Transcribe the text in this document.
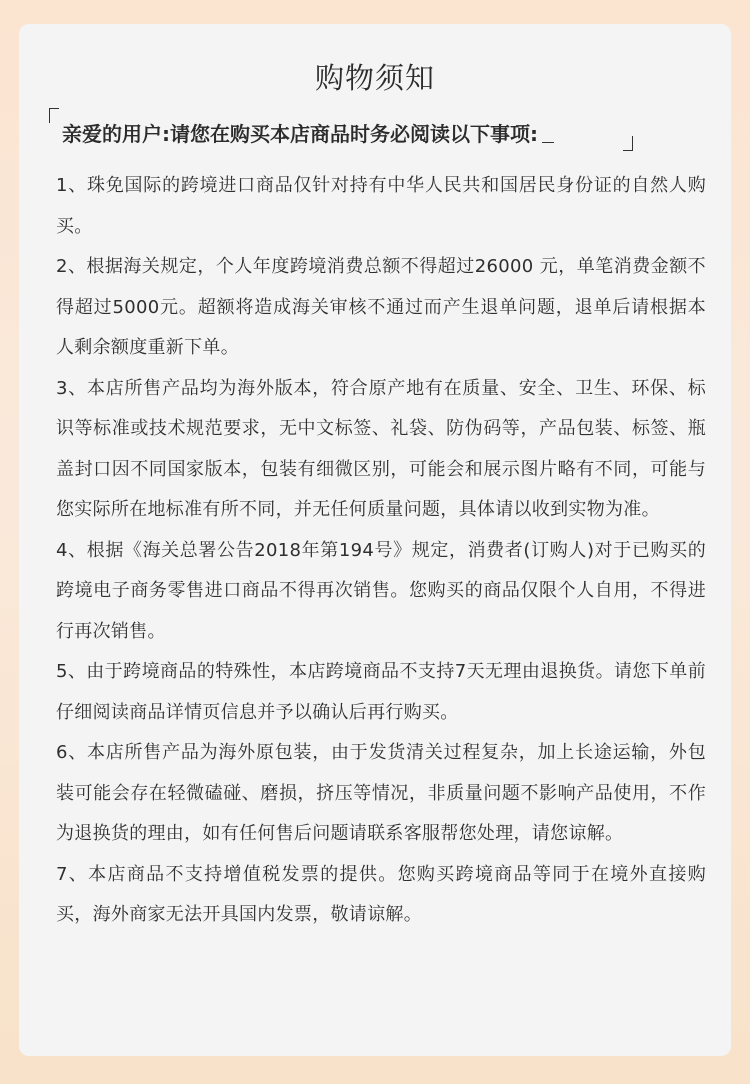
购物须知
亲爱的用户:请您在购买本店商品时务必阅读以下事项:

1、珠免国际的跨境进口商品仅针对持有中华人民共和国居民身份证的自然人购买。

2、根据海关规定，个人年度跨境消费总额不得超过26000 元，单笔消费金额不得超过5000元。超额将造成海关审核不通过而产生退单问题，退单后请根据本人剩余额度重新下单。

3、本店所售产品均为海外版本，符合原产地有在质量、安全、卫生、环保、标识等标准或技术规范要求，无中文标签、礼袋、防伪码等，产品包装、标签、瓶盖封口因不同国家版本，包装有细微区别，可能会和展示图片略有不同，可能与您实际所在地标准有所不同，并无任何质量问题，具体请以收到实物为准。

4、根据《海关总署公告2018年第194号》规定，消费者(订购人)对于已购买的跨境电子商务零售进口商品不得再次销售。您购买的商品仅限个人自用，不得进行再次销售。

5、由于跨境商品的特殊性，本店跨境商品不支持7天无理由退换货。请您下单前仔细阅读商品详情页信息并予以确认后再行购买。

6、本店所售产品为海外原包装，由于发货清关过程复杂，加上长途运输，外包装可能会存在轻微磕碰、磨损，挤压等情况，非质量问题不影响产品使用，不作为退换货的理由，如有任何售后问题请联系客服帮您处理，请您谅解。

7、本店商品不支持增值税发票的提供。您购买跨境商品等同于在境外直接购买，海外商家无法开具国内发票，敬请谅解。
